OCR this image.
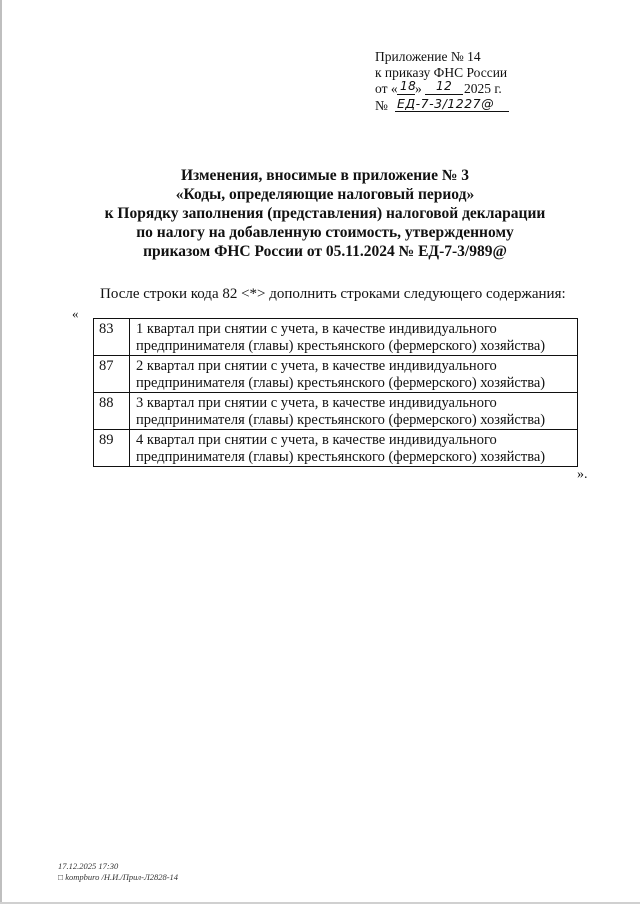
Приложение № 14
к приказу ФНС России
от « 18
» 12 2025 г.
№ ЕД-7-3/1227@
Изменения, вносимые в приложение № 3
«Коды, определяющие налоговый период»
к Порядку заполнения (представления) налоговой декларации
по налогу на добавленную стоимость, утвержденному
приказом ФНС России от 05.11.2024 № ЕД-7-3/989@
После строки кода 82 <*> дополнить строками следующего содержания:
«
83	1 квартал при снятии с учета, в качестве индивидуального
предпринимателя (главы) крестьянского (фермерского) хозяйства)

87	2 квартал при снятии с учета, в качестве индивидуального
предпринимателя (главы) крестьянского (фермерского) хозяйства)

88	3 квартал при снятии с учета, в качестве индивидуального
предпринимателя (главы) крестьянского (фермерского) хозяйства)

89	4 квартал при снятии с учета, в качестве индивидуального
предпринимателя (главы) крестьянского (фермерского) хозяйства)
».
17.12.2025 17:30
□ kompburo /Н.И./Прил-Л2828-14
